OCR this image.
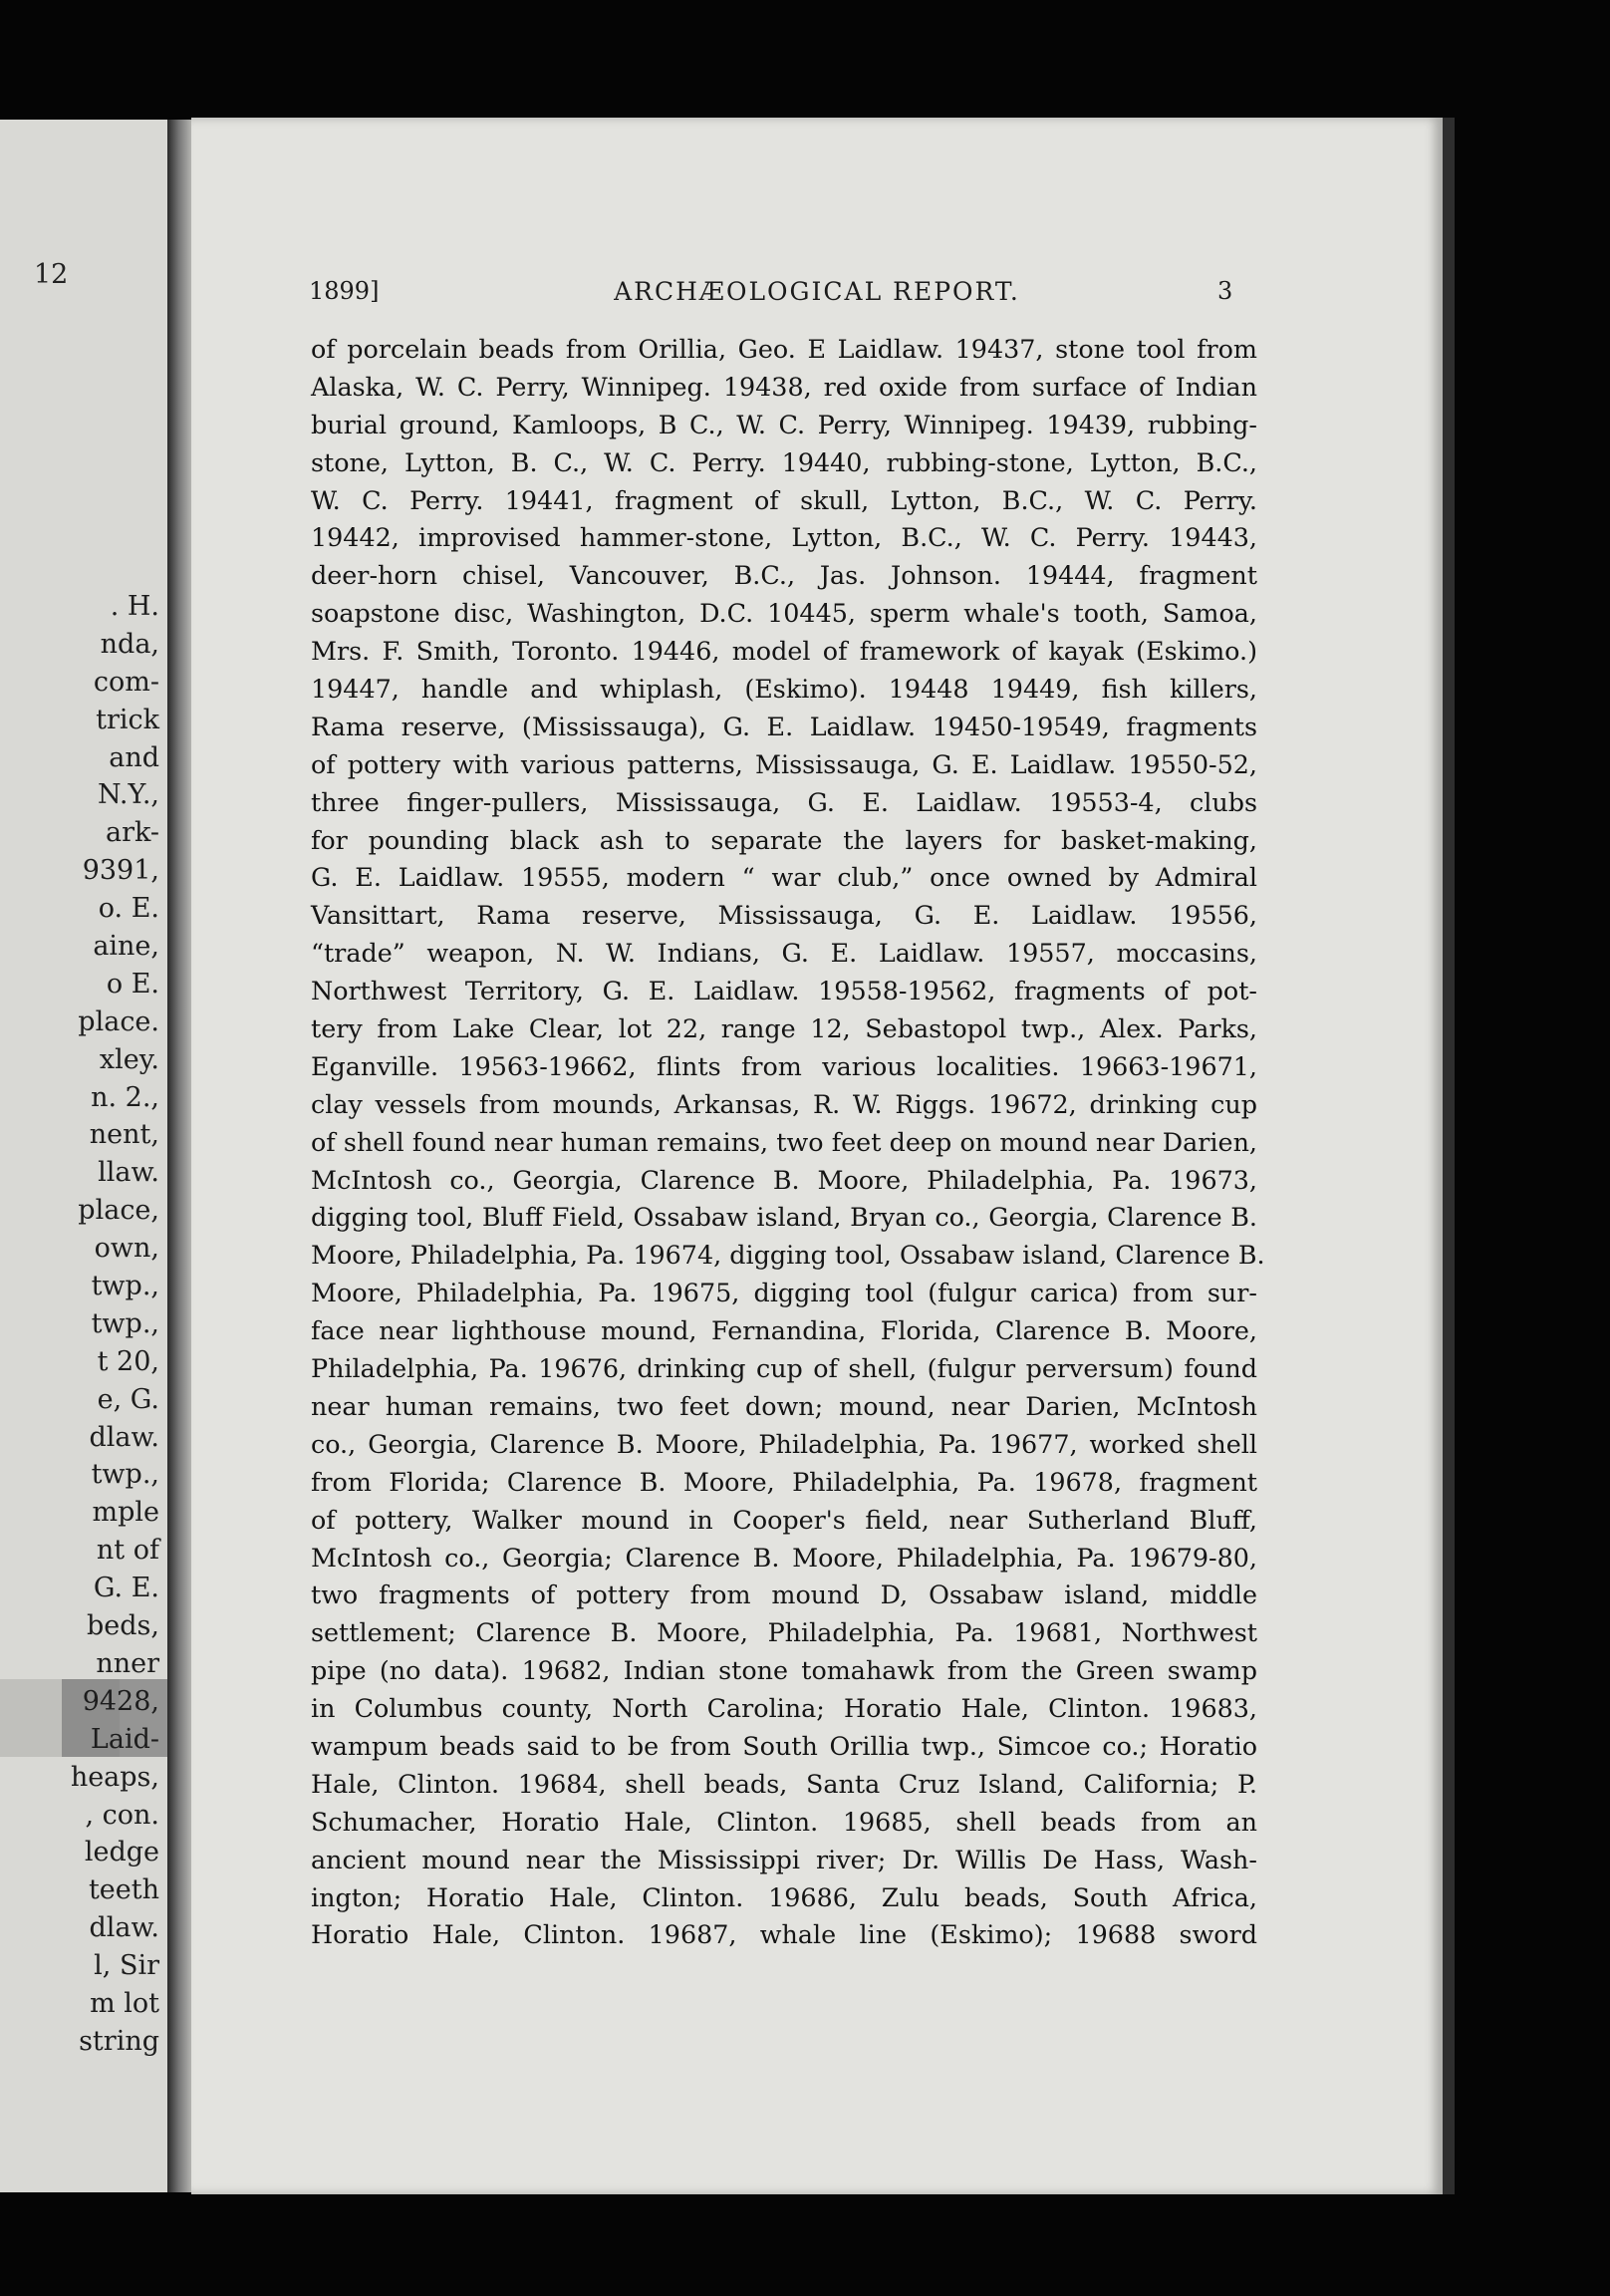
12
. H.
nda,
com-
trick
and
N.Y.,
ark-
9391,
o. E.
aine,
o E.
place.
xley.
n. 2.,
nent,
llaw.
place,
own,
twp.,
twp.,
t 20,
e, G.
dlaw.
twp.,
mple
nt of
G. E.
beds,
nner
9428,
Laid-
heaps,
, con.
ledge
teeth
dlaw.
l, Sir
m lot
string
1899]	ARCHÆOLOGICAL REPORT.	3
of porcelain beads from Orillia, Geo. E Laidlaw. 19437, stone tool from
Alaska, W. C. Perry, Winnipeg. 19438, red oxide from surface of Indian
burial ground, Kamloops, B C., W. C. Perry, Winnipeg. 19439, rubbing-
stone, Lytton, B. C., W. C. Perry. 19440, rubbing-stone, Lytton, B.C.,
W. C. Perry. 19441, fragment of skull, Lytton, B.C., W. C. Perry.
19442, improvised hammer-stone, Lytton, B.C., W. C. Perry. 19443,
deer-horn chisel, Vancouver, B.C., Jas. Johnson. 19444, fragment
soapstone disc, Washington, D.C. 10445, sperm whale's tooth, Samoa,
Mrs. F. Smith, Toronto. 19446, model of framework of kayak (Eskimo.)
19447, handle and whiplash, (Eskimo). 19448 19449, fish killers,
Rama reserve, (Mississauga), G. E. Laidlaw. 19450-19549, fragments
of pottery with various patterns, Mississauga, G. E. Laidlaw. 19550-52,
three finger-pullers, Mississauga, G. E. Laidlaw. 19553-4, clubs
for pounding black ash to separate the layers for basket-making,
G. E. Laidlaw. 19555, modern “ war club,” once owned by Admiral
Vansittart, Rama reserve, Mississauga, G. E. Laidlaw. 19556,
“trade” weapon, N. W. Indians, G. E. Laidlaw. 19557, moccasins,
Northwest Territory, G. E. Laidlaw. 19558-19562, fragments of pot-
tery from Lake Clear, lot 22, range 12, Sebastopol twp., Alex. Parks,
Eganville. 19563-19662, flints from various localities. 19663-19671,
clay vessels from mounds, Arkansas, R. W. Riggs. 19672, drinking cup
of shell found near human remains, two feet deep on mound near Darien,
McIntosh co., Georgia, Clarence B. Moore, Philadelphia, Pa. 19673,
digging tool, Bluff Field, Ossabaw island, Bryan co., Georgia, Clarence B.
Moore, Philadelphia, Pa. 19674, digging tool, Ossabaw island, Clarence B.
Moore, Philadelphia, Pa. 19675, digging tool (fulgur carica) from sur-
face near lighthouse mound, Fernandina, Florida, Clarence B. Moore,
Philadelphia, Pa. 19676, drinking cup of shell, (fulgur perversum) found
near human remains, two feet down; mound, near Darien, McIntosh
co., Georgia, Clarence B. Moore, Philadelphia, Pa. 19677, worked shell
from Florida; Clarence B. Moore, Philadelphia, Pa. 19678, fragment
of pottery, Walker mound in Cooper's field, near Sutherland Bluff,
McIntosh co., Georgia; Clarence B. Moore, Philadelphia, Pa. 19679-80,
two fragments of pottery from mound D, Ossabaw island, middle
settlement; Clarence B. Moore, Philadelphia, Pa. 19681, Northwest
pipe (no data). 19682, Indian stone tomahawk from the Green swamp
in Columbus county, North Carolina; Horatio Hale, Clinton. 19683,
wampum beads said to be from South Orillia twp., Simcoe co.; Horatio
Hale, Clinton. 19684, shell beads, Santa Cruz Island, California; P.
Schumacher, Horatio Hale, Clinton. 19685, shell beads from an
ancient mound near the Mississippi river; Dr. Willis De Hass, Wash-
ington; Horatio Hale, Clinton. 19686, Zulu beads, South Africa,
Horatio Hale, Clinton. 19687, whale line (Eskimo); 19688 sword
